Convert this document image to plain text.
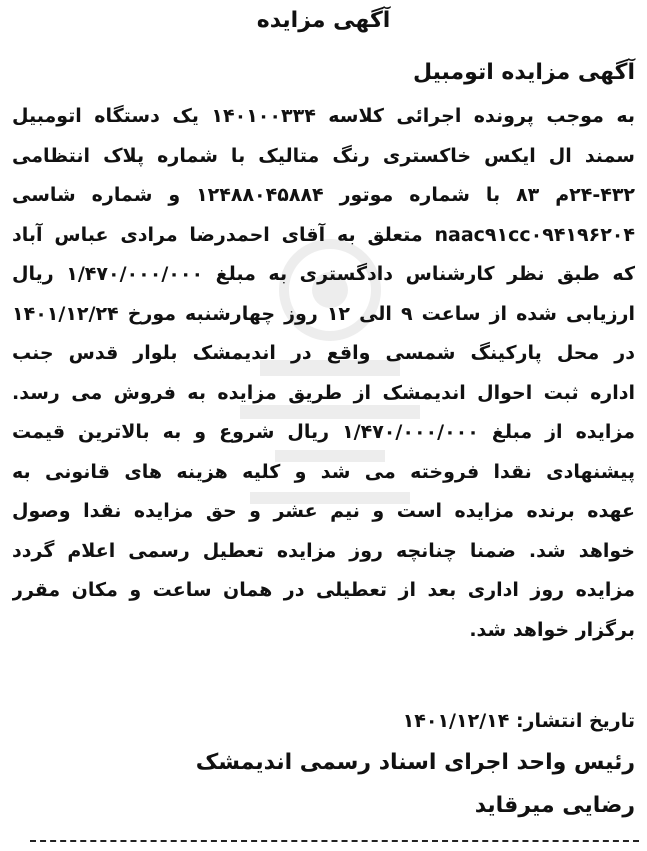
آگهی مزایده
آگهی مزایده اتومبیل
به موجب پرونده اجرائی کلاسه ۱۴۰۱۰۰۳۳۴ یک دستگاه اتومبیل
سمند ال ایکس خاکستری رنگ متالیک با شماره پلاک انتظامی
۲۴-۴۳۲م ۸۳ با شماره موتور ۱۲۴۸۸۰۴۵۸۸۴ و شماره شاسی
naac۹۱cc۰۹۴۱۹۶۲۰۴ متعلق به آقای احمدرضا مرادی عباس آباد
که طبق نظر کارشناس دادگستری به مبلغ ۱/۴۷۰/۰۰۰/۰۰۰ ریال
ارزیابی شده از ساعت ۹ الی ۱۲ روز چهارشنبه مورخ ۱۴۰۱/۱۲/۲۴
در محل پارکینگ شمسی واقع در اندیمشک بلوار قدس جنب
اداره ثبت احوال اندیمشک از طریق مزایده به فروش می رسد.
مزایده از مبلغ ۱/۴۷۰/۰۰۰/۰۰۰ ریال شروع و به بالاترین قیمت
پیشنهادی نقدا فروخته می شد و کلیه هزینه های قانونی به
عهده برنده مزایده است و نیم عشر و حق مزایده نقدا وصول
خواهد شد. ضمنا چنانچه روز مزایده تعطیل رسمی اعلام گردد
مزایده روز اداری بعد از تعطیلی در همان ساعت و مکان مقرر
برگزار خواهد شد.
تاریخ انتشار: ۱۴۰۱/۱۲/۱۴
رئیس واحد اجرای اسناد رسمی اندیمشک
رضایی میرقاید
